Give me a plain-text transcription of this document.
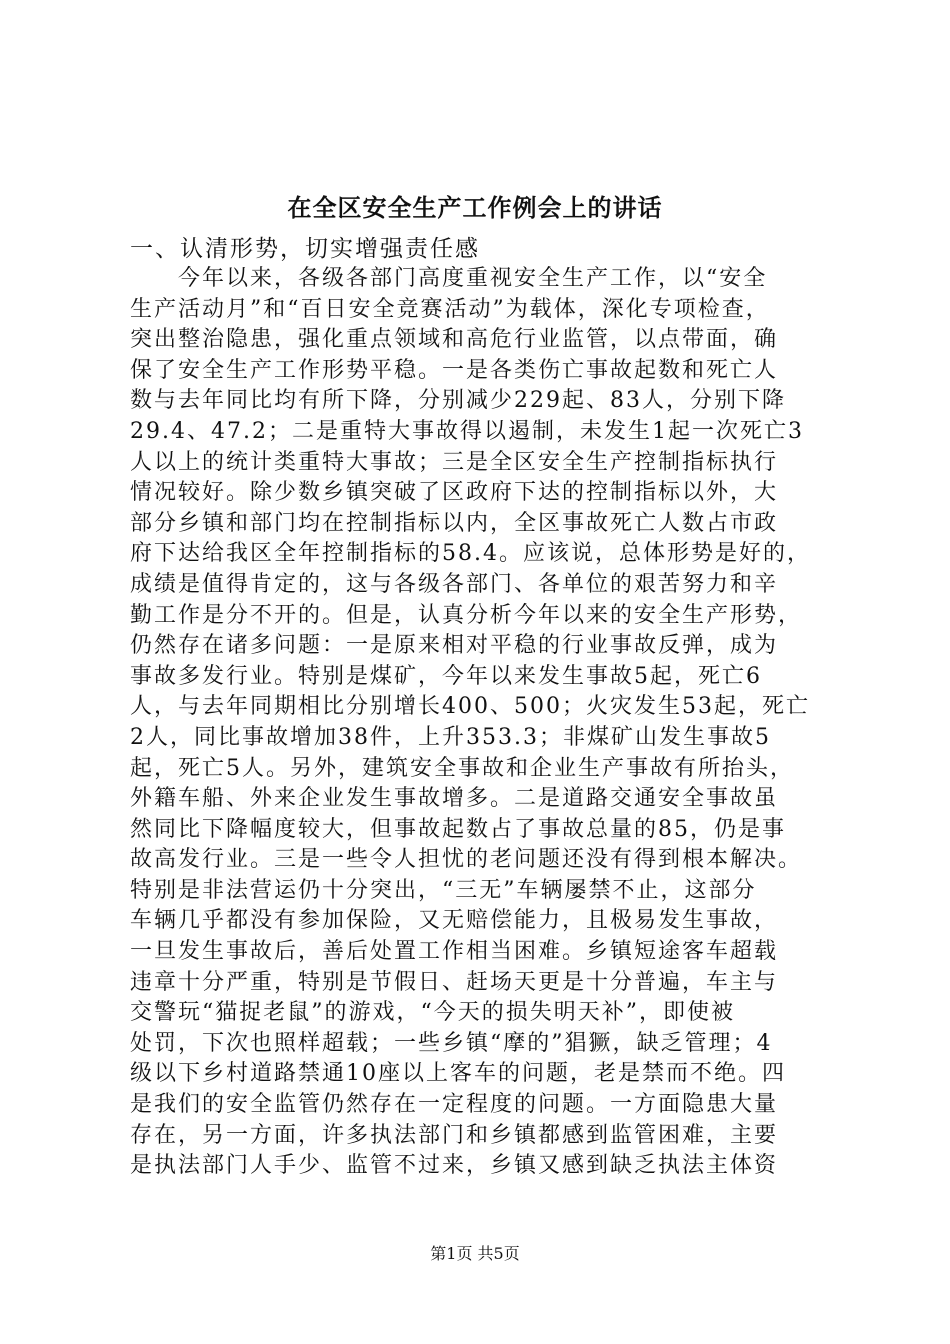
在全区安全生产工作例会上的讲话
一、认清形势，切实增强责任感
　　今年以来，各级各部门高度重视安全生产工作，以“安全
生产活动月”和“百日安全竞赛活动”为载体，深化专项检查，
突出整治隐患，强化重点领域和高危行业监管，以点带面，确
保了安全生产工作形势平稳。一是各类伤亡事故起数和死亡人
数与去年同比均有所下降，分别减少229起、83人，分别下降
29.4、47.2；二是重特大事故得以遏制，未发生1起一次死亡3
人以上的统计类重特大事故；三是全区安全生产控制指标执行
情况较好。除少数乡镇突破了区政府下达的控制指标以外，大
部分乡镇和部门均在控制指标以内，全区事故死亡人数占市政
府下达给我区全年控制指标的58.4。应该说，总体形势是好的，
成绩是值得肯定的，这与各级各部门、各单位的艰苦努力和辛
勤工作是分不开的。但是，认真分析今年以来的安全生产形势，
仍然存在诸多问题：一是原来相对平稳的行业事故反弹，成为
事故多发行业。特别是煤矿，今年以来发生事故5起，死亡6
人，与去年同期相比分别增长400、500；火灾发生53起，死亡
2人，同比事故增加38件，上升353.3；非煤矿山发生事故5
起，死亡5人。另外，建筑安全事故和企业生产事故有所抬头，
外籍车船、外来企业发生事故增多。二是道路交通安全事故虽
然同比下降幅度较大，但事故起数占了事故总量的85，仍是事
故高发行业。三是一些令人担忧的老问题还没有得到根本解决。
特别是非法营运仍十分突出，“三无”车辆屡禁不止，这部分
车辆几乎都没有参加保险，又无赔偿能力，且极易发生事故，
一旦发生事故后，善后处置工作相当困难。乡镇短途客车超载
违章十分严重，特别是节假日、赶场天更是十分普遍，车主与
交警玩“猫捉老鼠”的游戏，“今天的损失明天补”，即使被
处罚，下次也照样超载；一些乡镇“摩的”猖獗，缺乏管理；4
级以下乡村道路禁通10座以上客车的问题，老是禁而不绝。四
是我们的安全监管仍然存在一定程度的问题。一方面隐患大量
存在，另一方面，许多执法部门和乡镇都感到监管困难，主要
是执法部门人手少、监管不过来，乡镇又感到缺乏执法主体资
第1页 共5页
